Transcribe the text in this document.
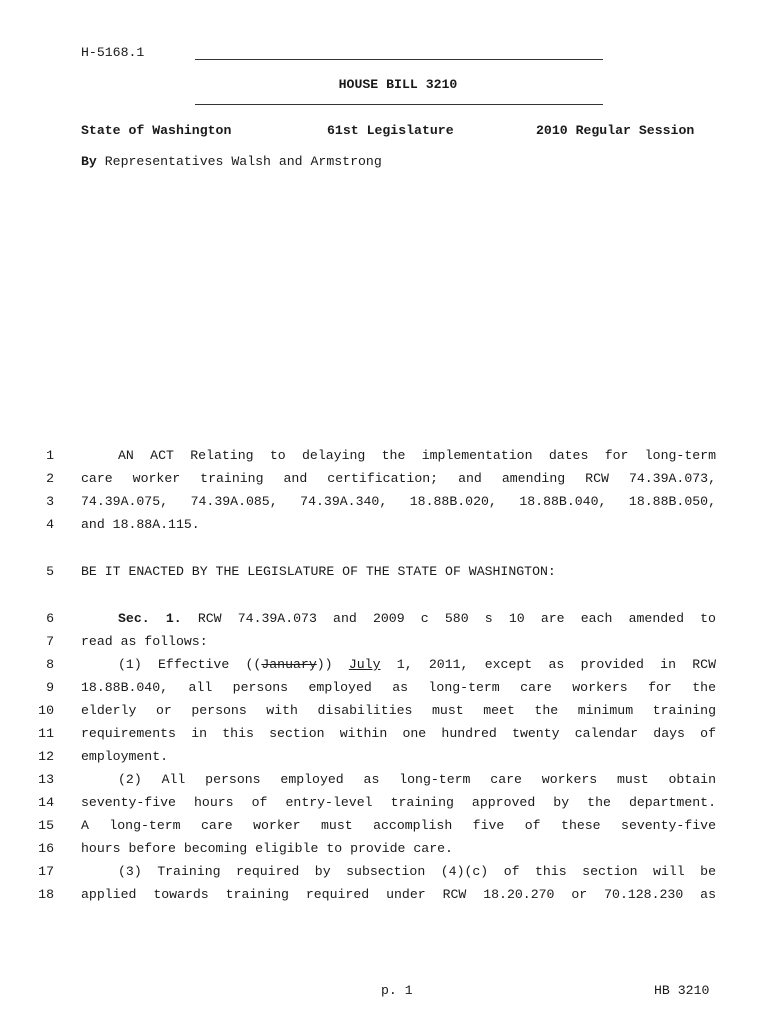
H-5168.1
HOUSE BILL 3210
State of Washington	61st Legislature	2010 Regular Session
By Representatives Walsh and Armstrong
1	AN ACT Relating to delaying the implementation dates for long-term
2 care worker training and certification; and amending RCW 74.39A.073,
3 74.39A.075, 74.39A.085, 74.39A.340, 18.88B.020, 18.88B.040, 18.88B.050,
4 and 18.88A.115.
5 BE IT ENACTED BY THE LEGISLATURE OF THE STATE OF WASHINGTON:
6	Sec. 1. RCW 74.39A.073 and 2009 c 580 s 10 are each amended to
7 read as follows:
8	(1) Effective ((January)) July 1, 2011, except as provided in RCW
9 18.88B.040, all persons employed as long-term care workers for the
10 elderly or persons with disabilities must meet the minimum training
11 requirements in this section within one hundred twenty calendar days of
12 employment.
13	(2) All persons employed as long-term care workers must obtain
14 seventy-five hours of entry-level training approved by the department.
15 A long-term care worker must accomplish five of these seventy-five
16 hours before becoming eligible to provide care.
17	(3) Training required by subsection (4)(c) of this section will be
18 applied towards training required under RCW 18.20.270 or 70.128.230 as
p. 1	HB 3210
